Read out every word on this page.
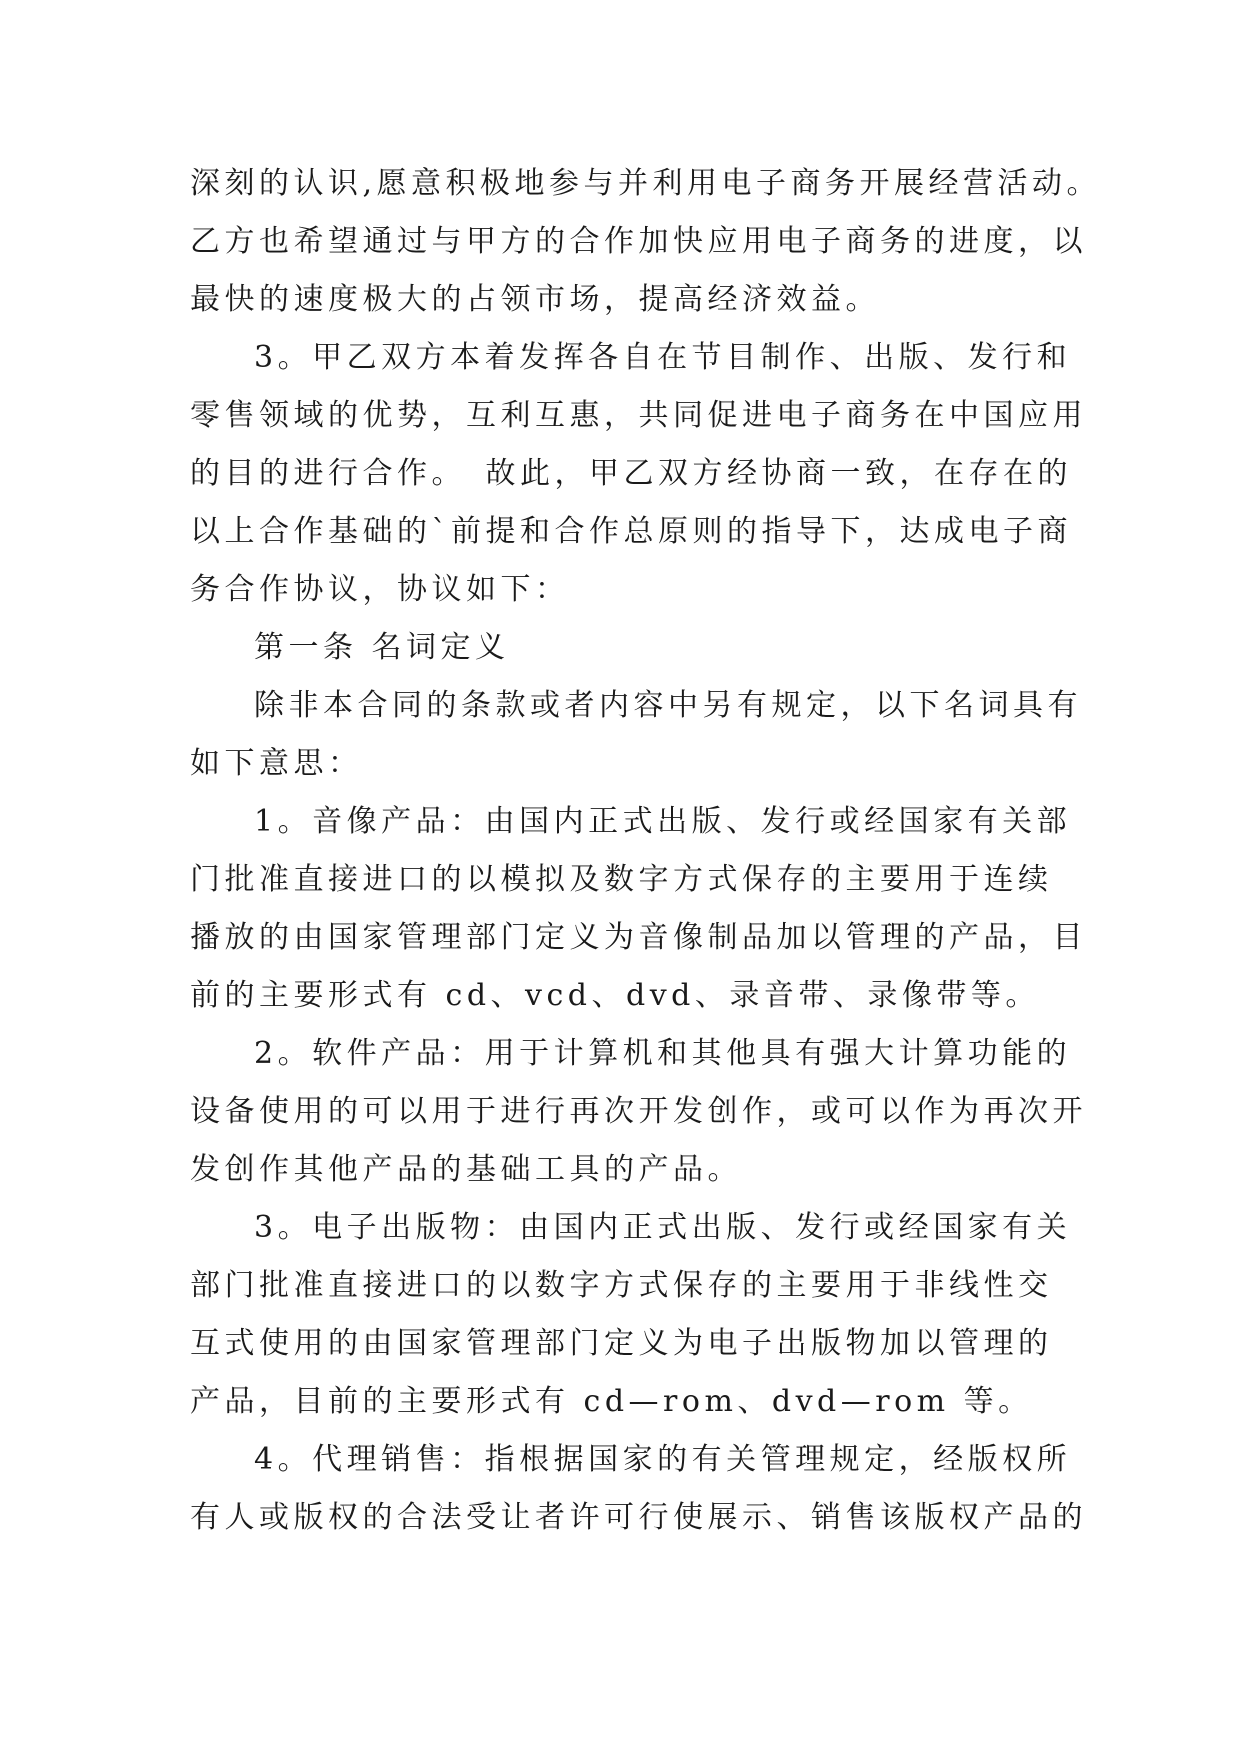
深刻的认识,愿意积极地参与并利用电子商务开展经营活动。
乙方也希望通过与甲方的合作加快应用电子商务的进度，以
最快的速度极大的占领市场，提高经济效益。
3。甲乙双方本着发挥各自在节目制作、出版、发行和
零售领域的优势，互利互惠，共同促进电子商务在中国应用
的目的进行合作。　故此，甲乙双方经协商一致，在存在的
以上合作基础的`前提和合作总原则的指导下，达成电子商
务合作协议，协议如下：
第一条 名词定义
除非本合同的条款或者内容中另有规定，以下名词具有
如下意思：
1。音像产品：由国内正式出版、发行或经国家有关部
门批准直接进口的以模拟及数字方式保存的主要用于连续
播放的由国家管理部门定义为音像制品加以管理的产品，目
前的主要形式有 cd、vcd、dvd、录音带、录像带等。
2。软件产品：用于计算机和其他具有强大计算功能的
设备使用的可以用于进行再次开发创作，或可以作为再次开
发创作其他产品的基础工具的产品。
3。电子出版物：由国内正式出版、发行或经国家有关
部门批准直接进口的以数字方式保存的主要用于非线性交
互式使用的由国家管理部门定义为电子出版物加以管理的
产品，目前的主要形式有 cd—rom、dvd—rom 等。
4。代理销售：指根据国家的有关管理规定，经版权所
有人或版权的合法受让者许可行使展示、销售该版权产品的
